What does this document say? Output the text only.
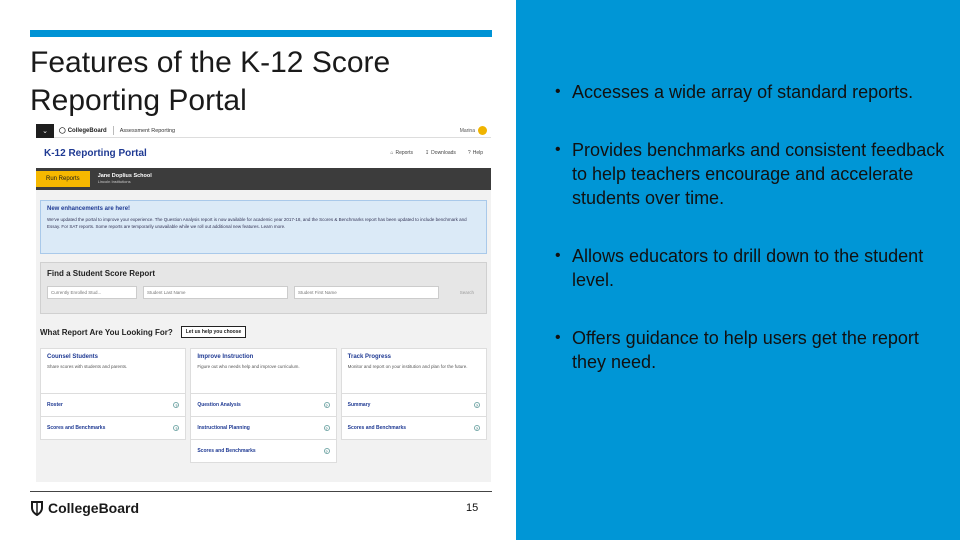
Features of the K-12 Score Reporting Portal
•	Accesses a wide array of standard reports.
• Provides benchmarks and consistent feedback to help teachers encourage and accelerate students over time.
• Allows educators to drill down to the student level.
• Offers guidance to help users get the report they need.
⌄	◯ CollegeBoard Assessment Reporting	Marina
K-12 Reporting Portal	⌂ Reports ↧ Downloads ? Help
Run Reports	Jane Doplius School
Lincoln Institutions
New enhancements are here!

We've updated the portal to improve your experience. The Question Analysis report is now available for academic year 2017-18, and the Scores & Benchmarks report has been updated to include benchmark and Essay. For SAT reports. Some reports are temporarily unavailable while we roll out additional new features. Learn more.

Find a Student Score Report
Currently Enrolled Stud...	Student Last Name	Student First Name	Search
What Report Are You Looking For?	Let us help you choose
Counsel Students

Share scores with students and parents.

Roster	?
Scores and Benchmarks	?
Improve Instruction

Figure out who needs help and improve curriculum.

Question Analysis	?
Instructional Planning	?
Scores and Benchmarks	?
Track Progress

Monitor and report on your institution and plan for the future.

Summary	?
Scores and Benchmarks	?
CollegeBoard	15
